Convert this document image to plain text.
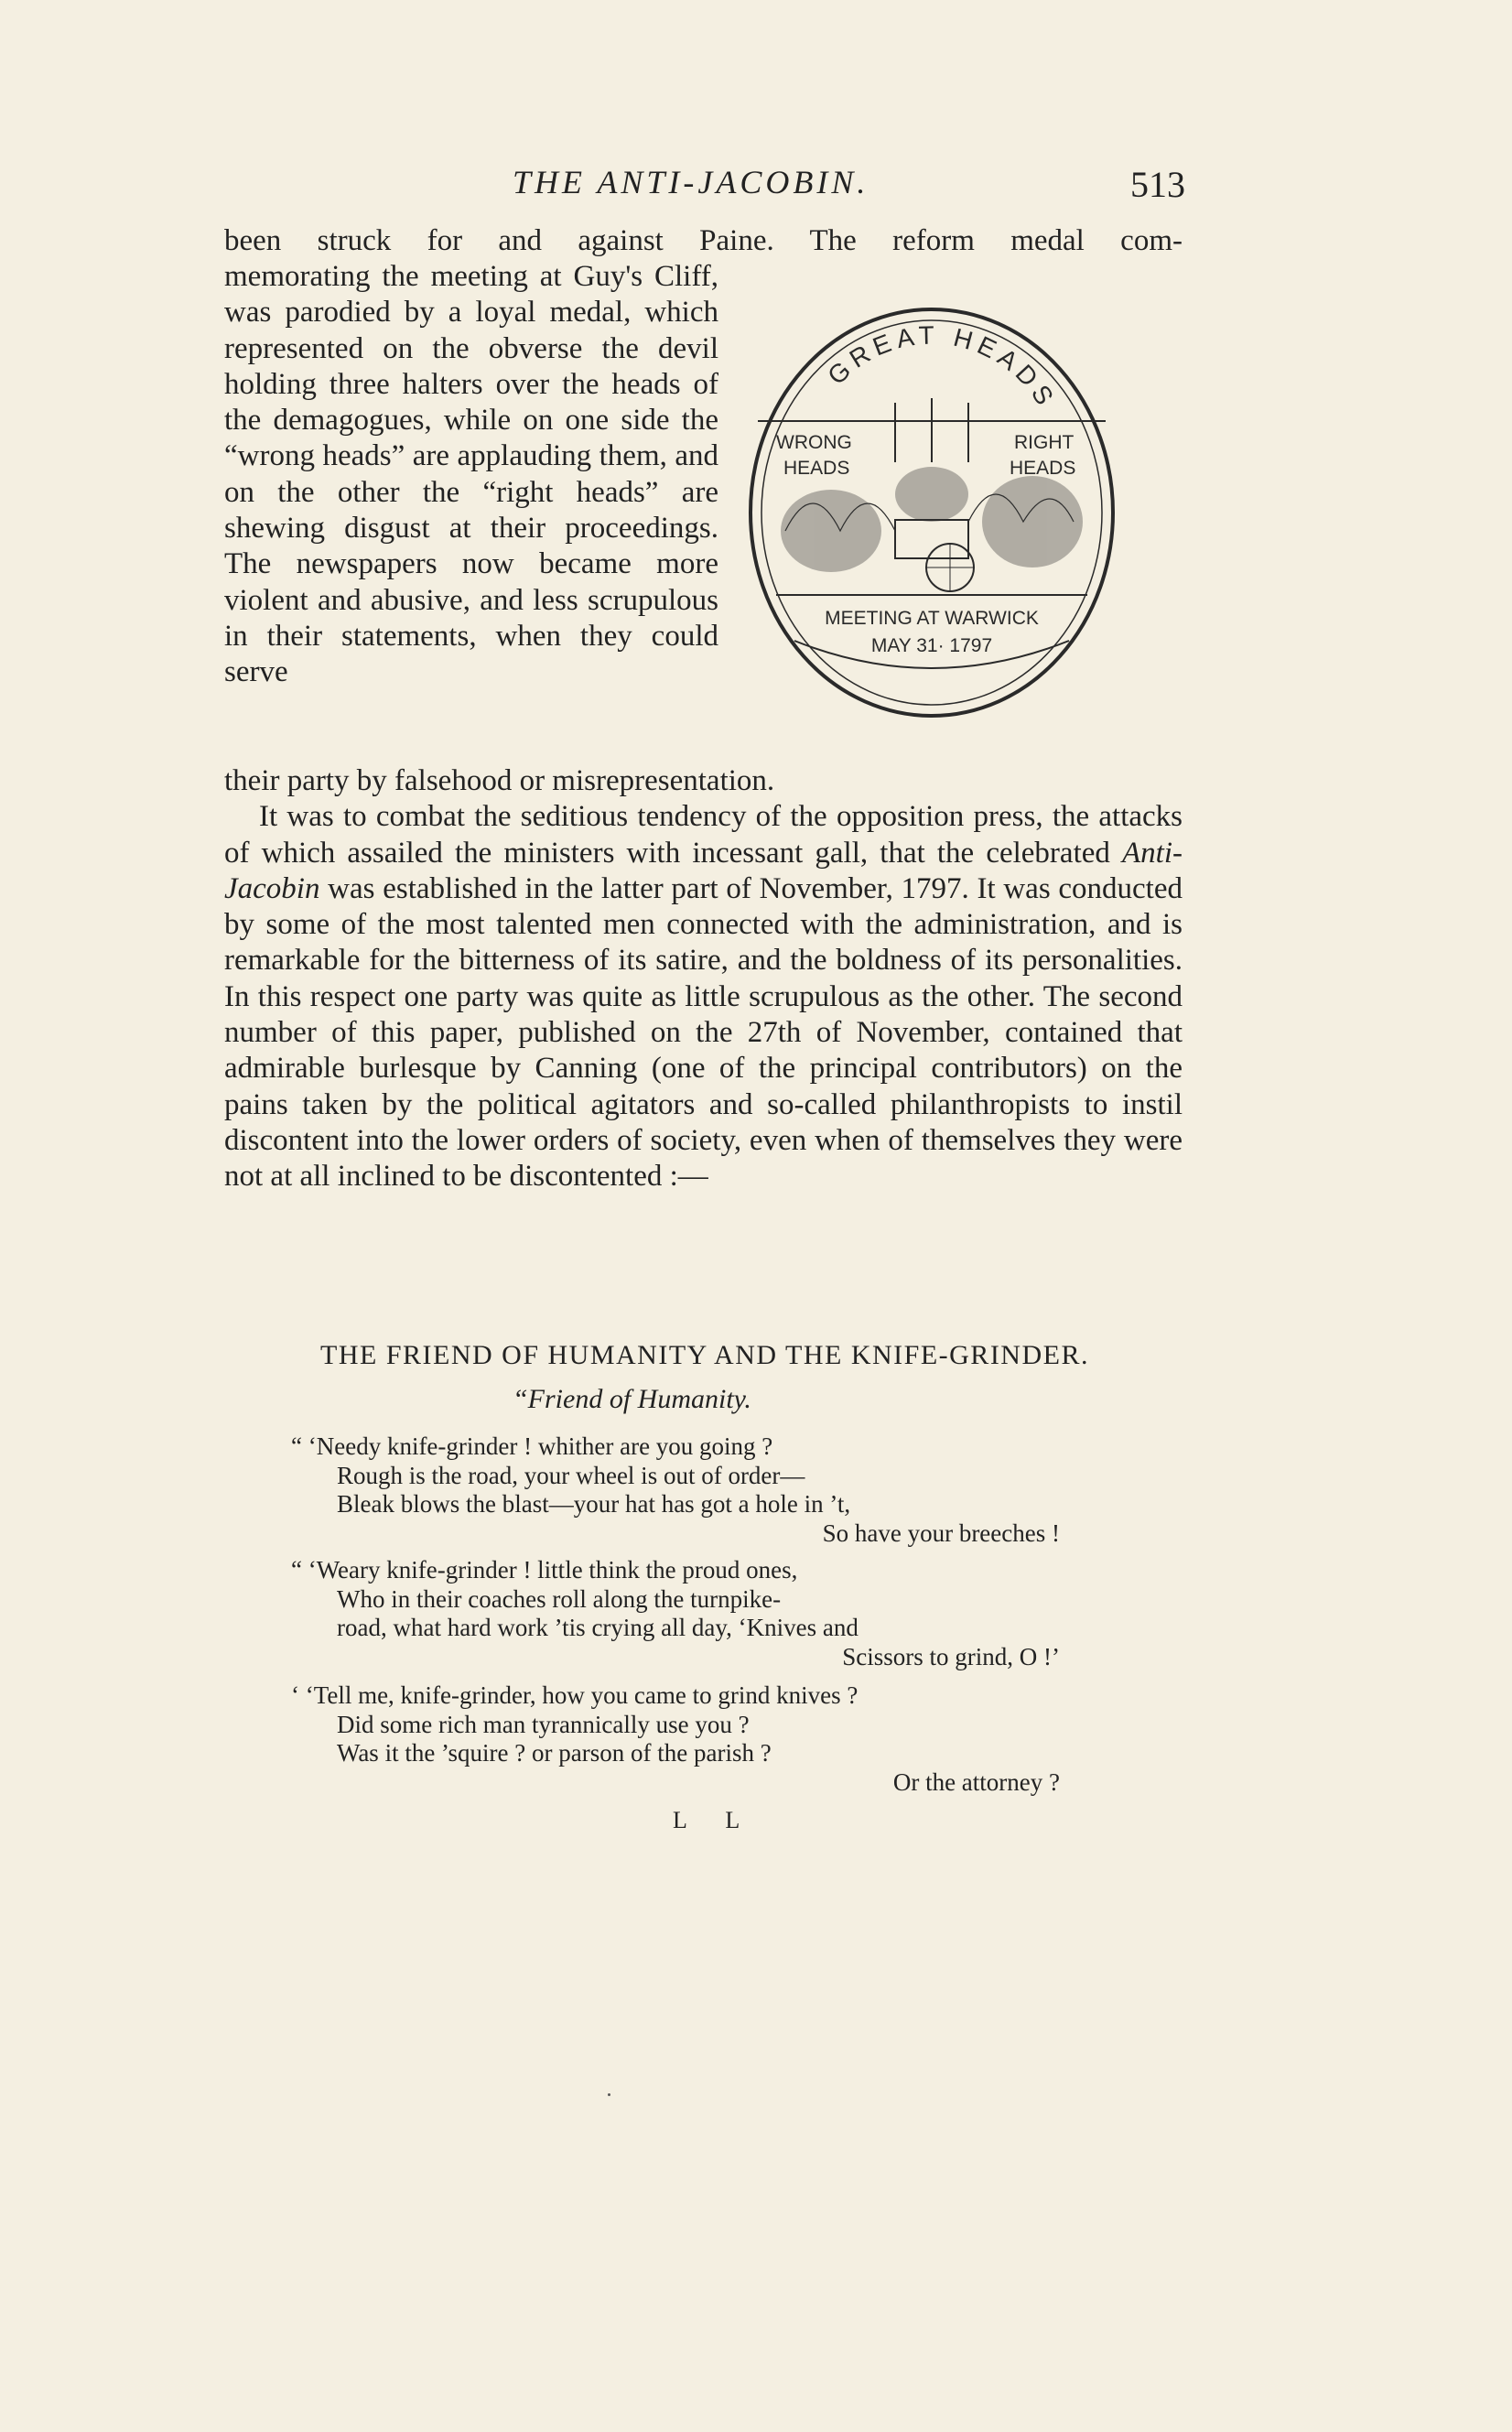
THE ANTI-JACOBIN.	513
been struck for and against Paine. The reform medal com-

memorating the meeting at Guy's Cliff, was parodied by a loyal medal, which represented on the obverse the devil holding three halters over the heads of the demagogues, while on one side the “wrong heads” are applauding them, and on the other the “right heads” are shewing disgust at their proceedings. The newspapers now became more violent and abusive, and less scrupulous in their statements, when they could serve

GREAT HEADS
WRONG
HEADS
RIGHT
HEADS
MEETING AT WARWICK
MAY 31· 1797

their party by falsehood or misrepresentation.

It was to combat the seditious tendency of the opposition press, the attacks of which assailed the ministers with incessant gall, that the celebrated Anti-Jacobin was established in the latter part of November, 1797. It was conducted by some of the most talented men connected with the administration, and is remarkable for the bitterness of its satire, and the boldness of its personalities. In this respect one party was quite as little scrupulous as the other. The second number of this paper, published on the 27th of November, contained that admirable burlesque by Canning (one of the principal contributors) on the pains taken by the political agitators and so-called philanthropists to instil discontent into the lower orders of society, even when of themselves they were not at all inclined to be discontented :—

THE FRIEND OF HUMANITY AND THE KNIFE-GRINDER.
“Friend of Humanity.
“ ‘Needy knife-grinder ! whither are you going ?
Rough is the road, your wheel is out of order—
Bleak blows the blast—your hat has got a hole in ’t,
So have your breeches !
“ ‘Weary knife-grinder ! little think the proud ones,
Who in their coaches roll along the turnpike-
road, what hard work ’tis crying all day, ‘Knives and
Scissors to grind, O !’
‘ ‘Tell me, knife-grinder, how you came to grind knives ?
Did some rich man tyrannically use you ?
Was it the ’squire ? or parson of the parish ?
Or the attorney ?
L L
